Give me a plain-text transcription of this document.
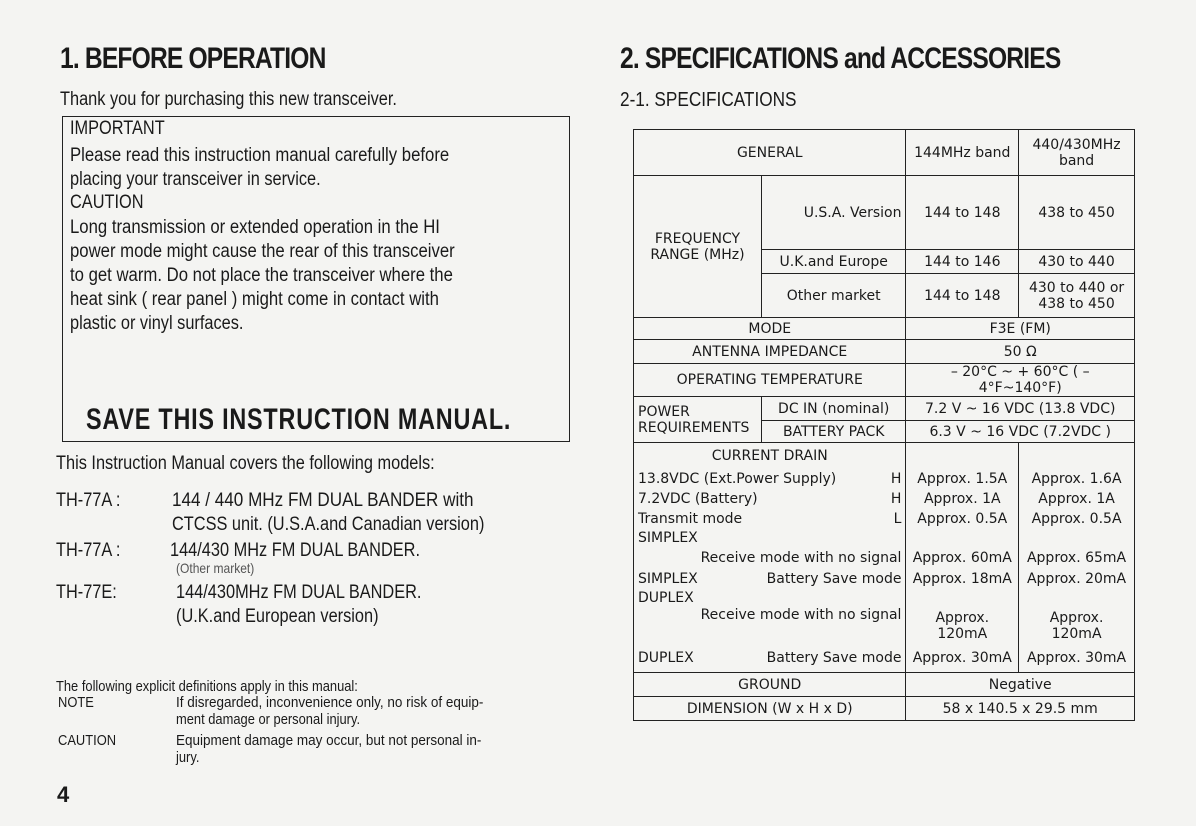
1. BEFORE OPERATION
Thank you for purchasing this new transceiver.
IMPORTANT
Please read this instruction manual carefully before
placing your transceiver in service.
CAUTION
Long transmission or extended operation in the HI
power mode might cause the rear of this transceiver
to get warm. Do not place the transceiver where the
heat sink ( rear panel ) might come in contact with
plastic or vinyl surfaces.
SAVE THIS INSTRUCTION MANUAL.
This Instruction Manual covers the following models:
TH-77A :	144 / 440 MHz FM DUAL BANDER with
CTCSS unit. (U.S.A.and Canadian version)
TH-77A :	144/430 MHz FM DUAL BANDER.
(Other market)
TH-77E:	144/430MHz FM DUAL BANDER.
(U.K.and European version)
The following explicit definitions apply in this manual:
NOTE	If disregarded, inconvenience only, no risk of equip-
ment damage or personal injury.
CAUTION	Equipment damage may occur, but not personal in-
jury.
4
2. SPECIFICATIONS and ACCESSORIES
2-1. SPECIFICATIONS
GENERAL		144MHz band	440/430MHz band
FREQUENCY RANGE (MHz)	U.S.A. Version	144 to 148	438 to 450
	U.K.and Europe	144 to 146	430 to 440
	Other market	144 to 148	430 to 440 or 438 to 450
MODE		F3E (FM)	
ANTENNA IMPEDANCE		50 Ω	
OPERATING TEMPERATURE		– 20°C ~ + 60°C ( – 4°F~140°F)	
POWER REQUIREMENTS	DC IN (nominal)	7.2 V ~ 16 VDC (13.8 VDC)	
	BATTERY PACK	6.3 V ~ 16 VDC (7.2VDC )	
CURRENT DRAIN			
13.8VDC (Ext.Power Supply) H		Approx. 1.5A	Approx. 1.6A
7.2VDC (Battery) H		Approx. 1A	Approx. 1A
Transmit mode L		Approx. 0.5A	Approx. 0.5A
SIMPLEX			
Receive mode with no signal		Approx. 60mA	Approx. 65mA
SIMPLEX Battery Save mode		Approx. 18mA	Approx. 20mA
DUPLEX			
Receive mode with no signal		Approx. 120mA	Approx. 120mA
DUPLEX Battery Save mode		Approx. 30mA	Approx. 30mA
GROUND		Negative	
DIMENSION (W x H x D)		58 x 140.5 x 29.5 mm	
